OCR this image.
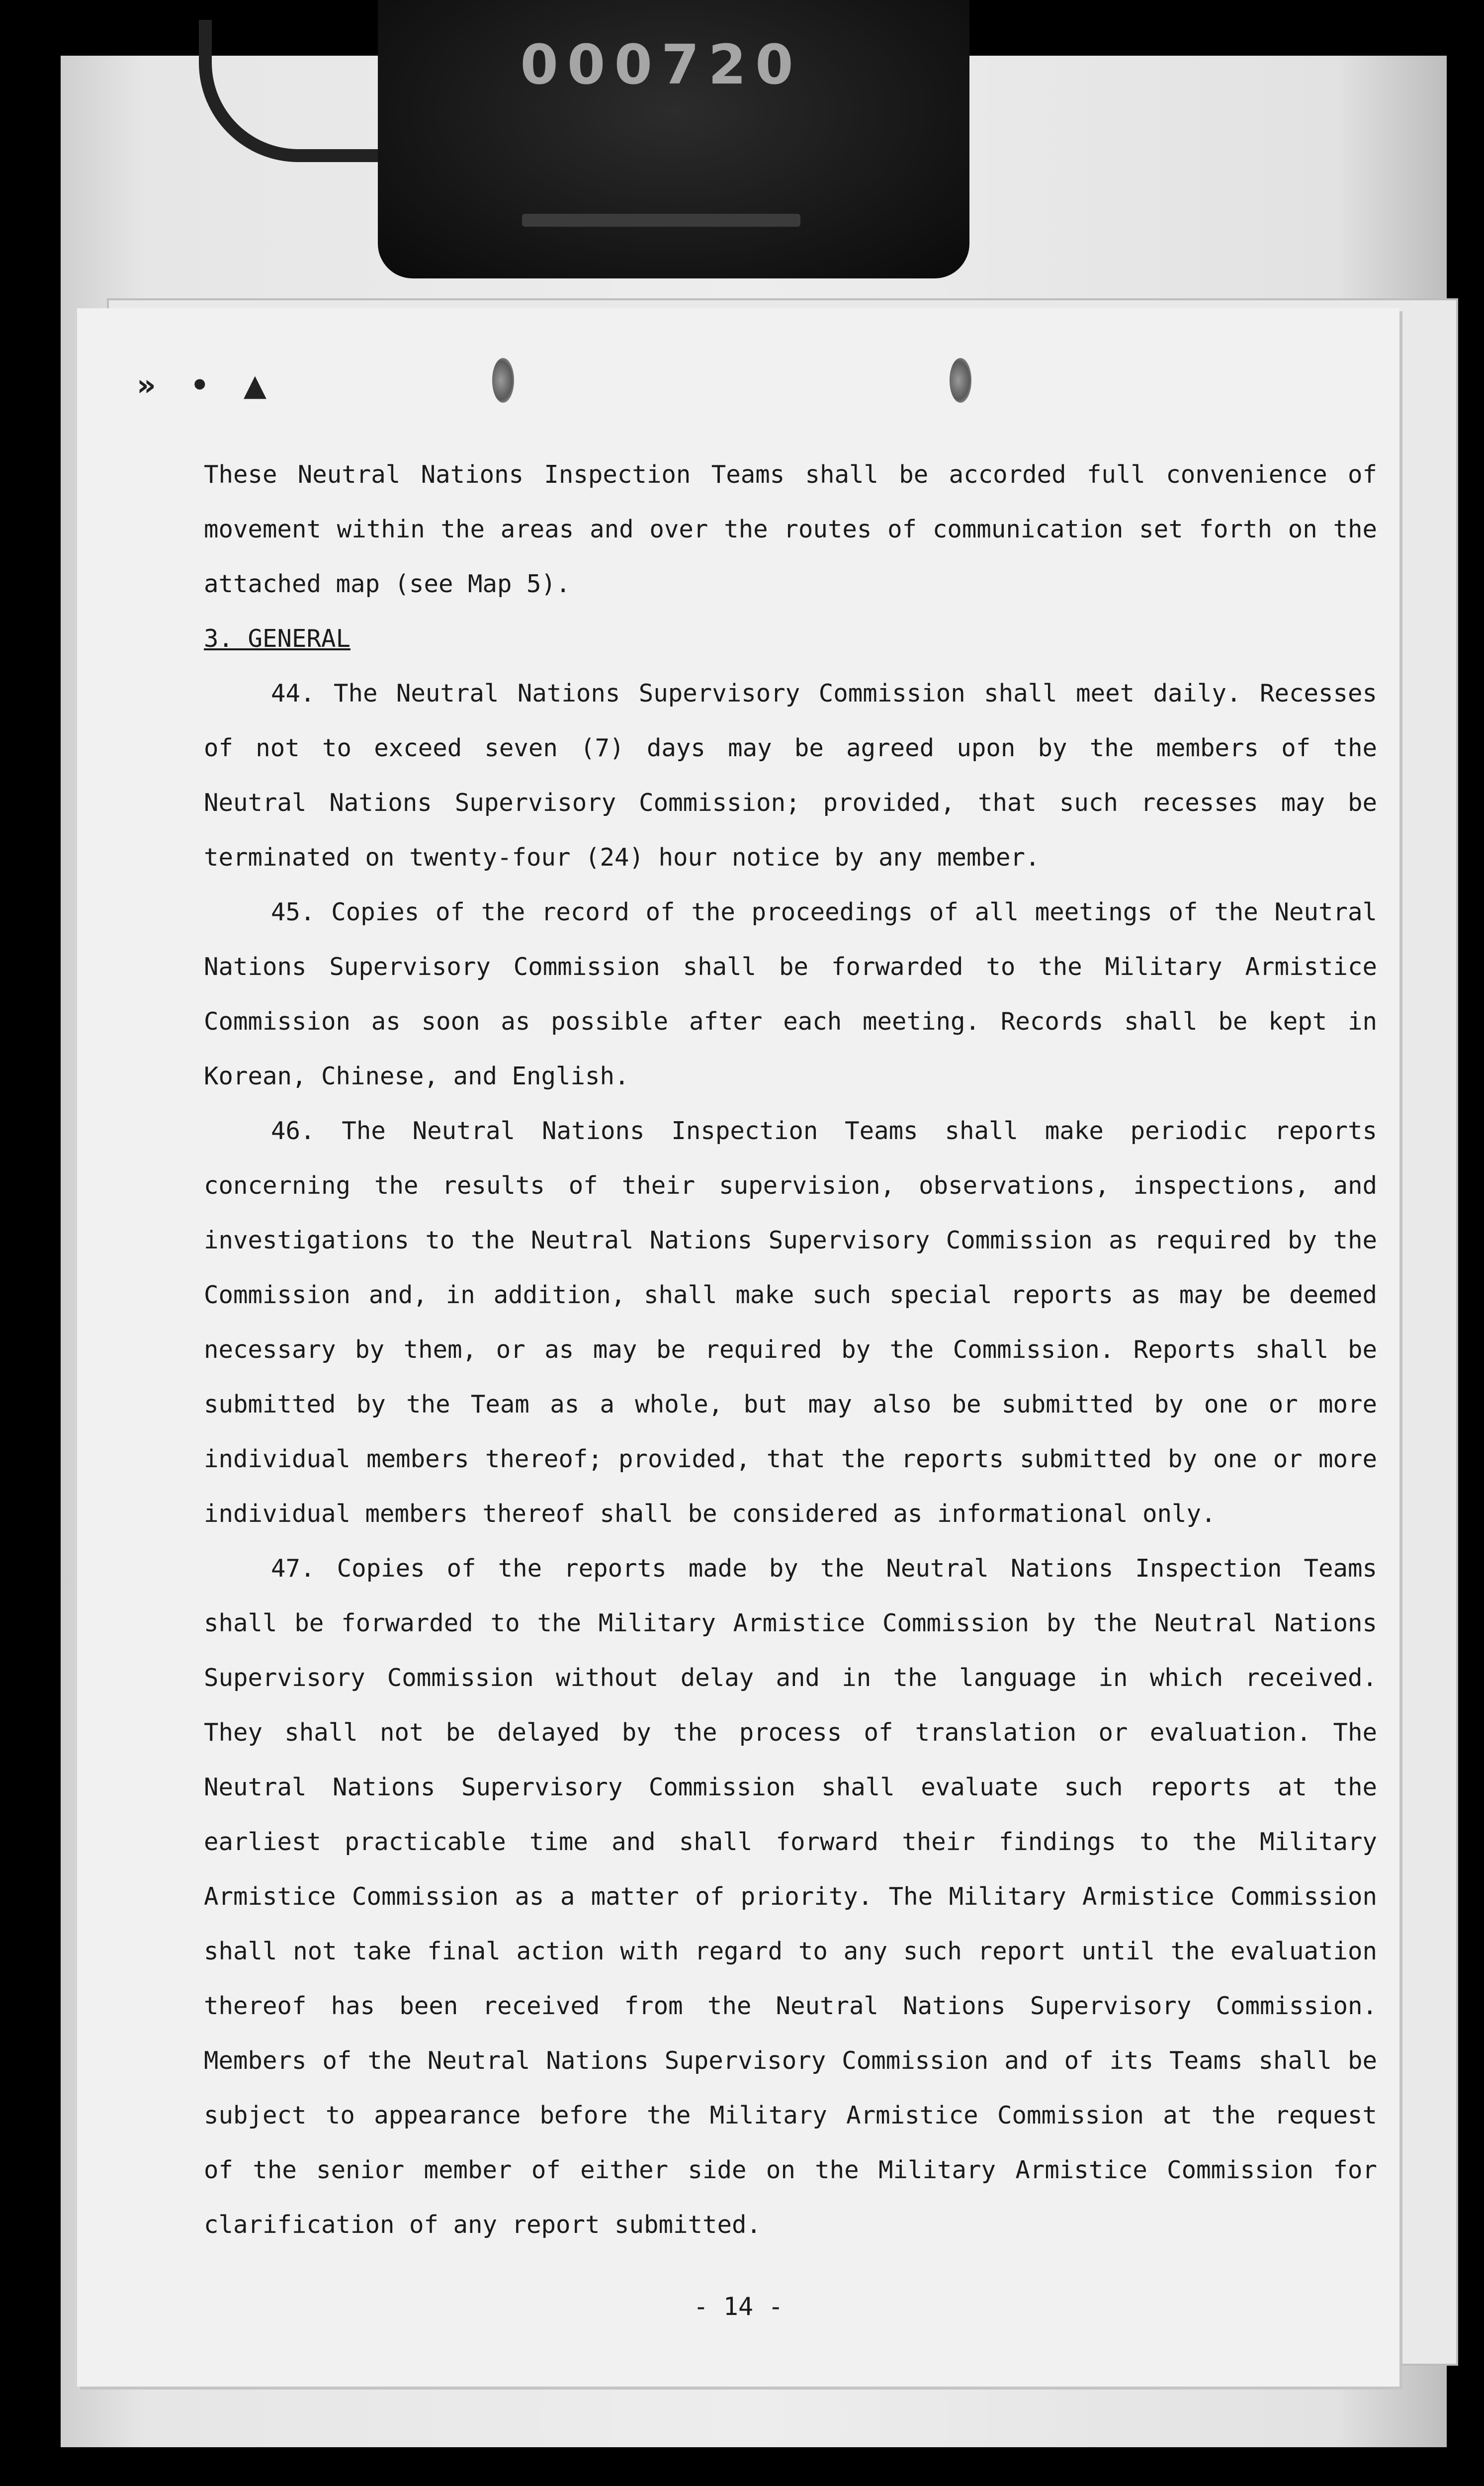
000720
» • ▲

These Neutral Nations Inspection Teams shall be accorded full convenience of movement within the areas and over the routes of communication set forth on the attached map (see Map 5).

3. GENERAL

44. The Neutral Nations Supervisory Commission shall meet daily. Recesses of not to exceed seven (7) days may be agreed upon by the members of the Neutral Nations Supervisory Commission; provided, that such recesses may be terminated on twenty-four (24) hour notice by any member.

45. Copies of the record of the proceedings of all meetings of the Neutral Nations Supervisory Commission shall be forwarded to the Military Armistice Commission as soon as possible after each meeting. Records shall be kept in Korean, Chinese, and English.

46. The Neutral Nations Inspection Teams shall make periodic reports concerning the results of their supervision, observations, inspections, and investigations to the Neutral Nations Supervisory Commission as required by the Commission and, in addition, shall make such special reports as may be deemed necessary by them, or as may be required by the Commission. Reports shall be submitted by the Team as a whole, but may also be submitted by one or more individual members thereof; provided, that the reports submitted by one or more individual members thereof shall be considered as informational only.

47. Copies of the reports made by the Neutral Nations Inspection Teams shall be forwarded to the Military Armistice Commission by the Neutral Nations Supervisory Commission without delay and in the language in which received. They shall not be delayed by the process of translation or evaluation. The Neutral Nations Supervisory Commission shall evaluate such reports at the earliest practicable time and shall forward their findings to the Military Armistice Commission as a matter of priority. The Military Armistice Commission shall not take final action with regard to any such report until the evaluation thereof has been received from the Neutral Nations Supervisory Commission. Members of the Neutral Nations Supervisory Commission and of its Teams shall be subject to appearance before the Military Armistice Commission at the request of the senior member of either side on the Military Armistice Commission for clarification of any report submitted.

- 14 -
